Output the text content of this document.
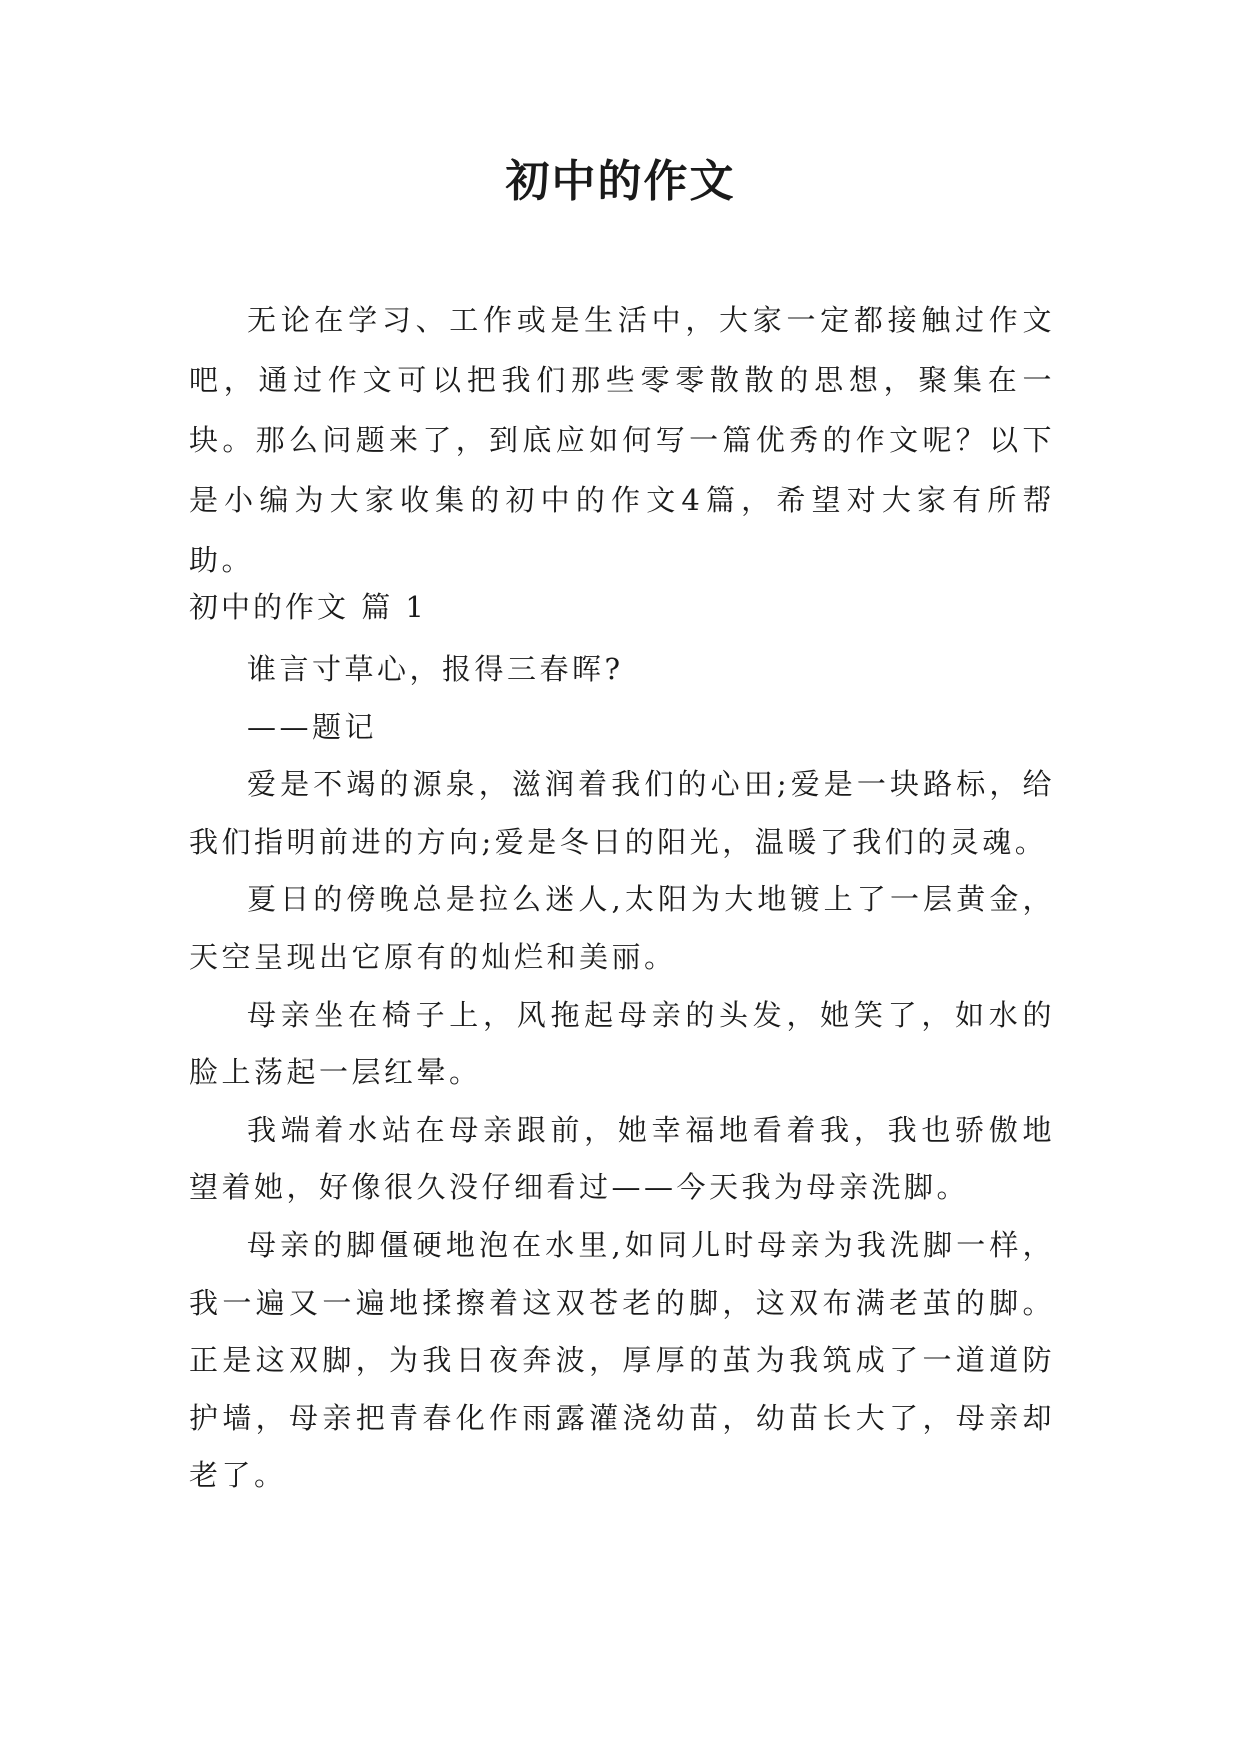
初中的作文

无论在学习、工作或是生活中，大家一定都接触过作文吧，通过作文可以把我们那些零零散散的思想，聚集在一块。那么问题来了，到底应如何写一篇优秀的作文呢？以下是小编为大家收集的初中的作文4篇，希望对大家有所帮助。

初中的作文 篇 1

谁言寸草心，报得三春晖?

——题记

爱是不竭的源泉，滋润着我们的心田;爱是一块路标，给我们指明前进的方向;爱是冬日的阳光，温暖了我们的灵魂。

夏日的傍晚总是拉么迷人,太阳为大地镀上了一层黄金，天空呈现出它原有的灿烂和美丽。

母亲坐在椅子上，风拖起母亲的头发，她笑了，如水的脸上荡起一层红晕。

我端着水站在母亲跟前，她幸福地看着我，我也骄傲地望着她，好像很久没仔细看过——今天我为母亲洗脚。

母亲的脚僵硬地泡在水里,如同儿时母亲为我洗脚一样，我一遍又一遍地揉擦着这双苍老的脚，这双布满老茧的脚。正是这双脚，为我日夜奔波，厚厚的茧为我筑成了一道道防护墙，母亲把青春化作雨露灌浇幼苗，幼苗长大了，母亲却老了。
